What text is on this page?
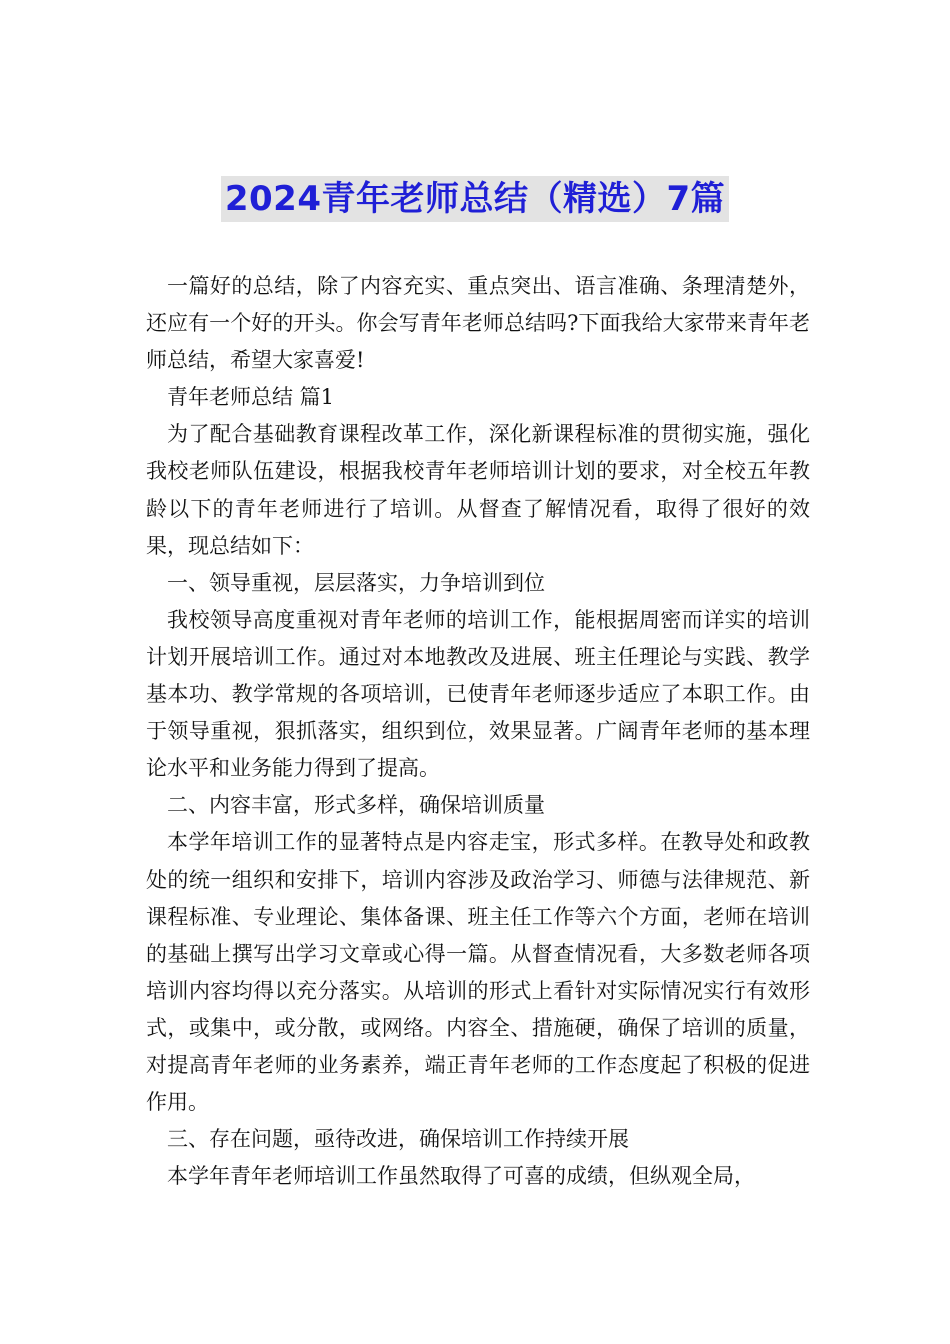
2024青年老师总结（精选）7篇

一篇好的总结，除了内容充实、重点突出、语言准确、条理清楚外，还应有一个好的开头。你会写青年老师总结吗?下面我给大家带来青年老师总结，希望大家喜爱!

青年老师总结 篇1

为了配合基础教育课程改革工作，深化新课程标准的贯彻实施，强化我校老师队伍建设，根据我校青年老师培训计划的要求，对全校五年教龄以下的青年老师进行了培训。从督查了解情况看，取得了很好的效果，现总结如下：

一、领导重视，层层落实，力争培训到位

我校领导高度重视对青年老师的培训工作，能根据周密而详实的培训计划开展培训工作。通过对本地教改及进展、班主任理论与实践、教学基本功、教学常规的各项培训，已使青年老师逐步适应了本职工作。由于领导重视，狠抓落实，组织到位，效果显著。广阔青年老师的基本理论水平和业务能力得到了提高。

二、内容丰富，形式多样，确保培训质量

本学年培训工作的显著特点是内容走宝，形式多样。在教导处和政教处的统一组织和安排下，培训内容涉及政治学习、师德与法律规范、新课程标准、专业理论、集体备课、班主任工作等六个方面，老师在培训的基础上撰写出学习文章或心得一篇。从督查情况看，大多数老师各项培训内容均得以充分落实。从培训的形式上看针对实际情况实行有效形式，或集中，或分散，或网络。内容全、措施硬，确保了培训的质量，对提高青年老师的业务素养，端正青年老师的工作态度起了积极的促进作用。

三、存在问题，亟待改进，确保培训工作持续开展

本学年青年老师培训工作虽然取得了可喜的成绩，但纵观全局，
